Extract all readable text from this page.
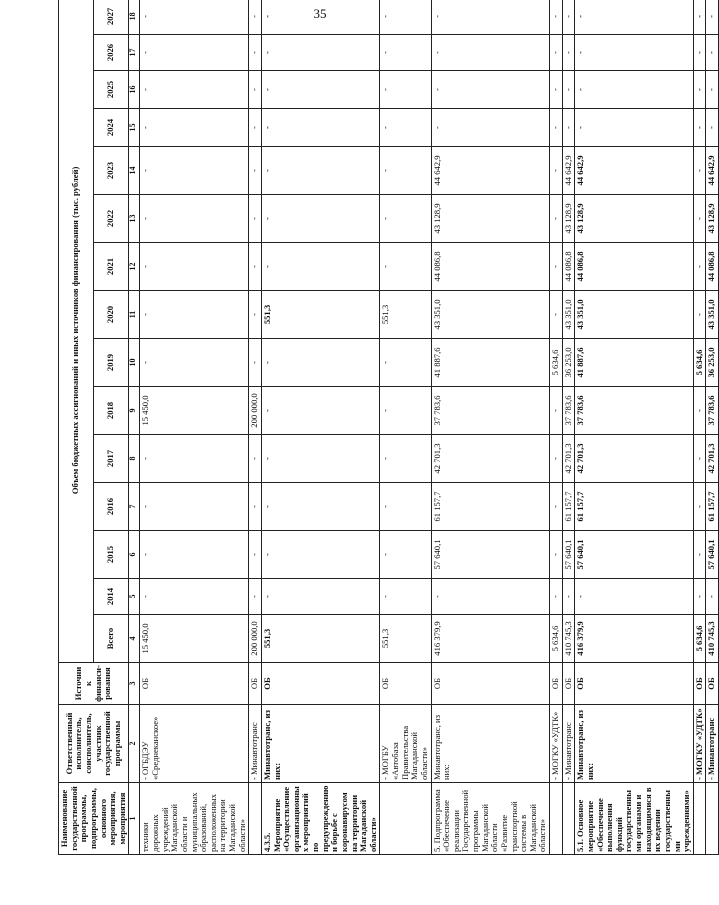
35
Наименование государственной программы, подпрограммы, основного мероприятия, мероприятия	Ответственный исполнитель, соисполнитель, участник государственной программы	Источник финанси-рования	Объем бюджетных ассигнований и иных источников финансирования (тыс. рублей)														
			Всего	2014	2015	2016	2017	2018	2019	2020	2021	2022	2023	2024	2025	2026	2027
1	2	3	4	5	6	7	8	9	10	11	12	13	14	15	16	17	18
техники дорожных учреждений Магаданской области и муниципальных образований, расположенных на территории Магаданской области»	- ОГБДЭУ «Среднеканское»	ОБ	15 450,0	-	-	-	-	15 450,0	-	-	-	-	-	-	-	-	-
	- Минавтотранс	ОБ	200 000,0	-	-	-	-	200 000,0	-	-	-	-	-	-	-	-	-
4.3.5. Мероприятие «Осуществление организационных мероприятий по предупреждению и борьбе с коронавирусом на территории Магаданской области»	Минавтотранс, из них:	ОБ	551,3	-	-	-	-	-	-	551,3	-	-	-	-	-	-	-
	- МОГБУ «Автобаза Правительства Магаданской области»	ОБ	551,3	-	-	-	-	-	-	551,3	-	-	-	-	-	-	-
5. Подпрограмма «Обеспечение реализации Государственной программы Магаданской области «Развитие транспортной системы в Магаданской области»	Минавтотранс, из них:	ОБ	416 379,9	-	57 640,1	61 157,7	42 701,3	37 783,6	41 887,6	43 351,0	44 086,8	43 128,9	44 642,9	-	-	-	-
	- МОГКУ «УДТК»	ОБ	5 634,6	-	-	-	-	-	5 634,6	-	-	-	-	-	-	-	-
	- Минавтотранс	ОБ	410 745,3	-	57 640,1	61 157,7	42 701,3	37 783,6	36 253,0	43 351,0	44 086,8	43 128,9	44 642,9	-	-	-	-
5.1. Основное мероприятие «Обеспечение выполнения функций государственными органами и находящимися в их ведении государственными учреждениями»	Минавтотранс, из них:	ОБ	416 379,9	-	57 640,1	61 157,7	42 701,3	37 783,6	41 887,6	43 351,0	44 086,8	43 128,9	44 642,9	-	-	-	-
	- МОГКУ «УДТК»	ОБ	5 634,6	-	-	-	-	-	5 634,6	-	-	-	-	-	-	-	-
	- Минавтотранс	ОБ	410 745,3	-	57 640,1	61 157,7	42 701,3	37 783,6	36 253,0	43 351,0	44 086,8	43 128,9	44 642,9	-	-	-	-
